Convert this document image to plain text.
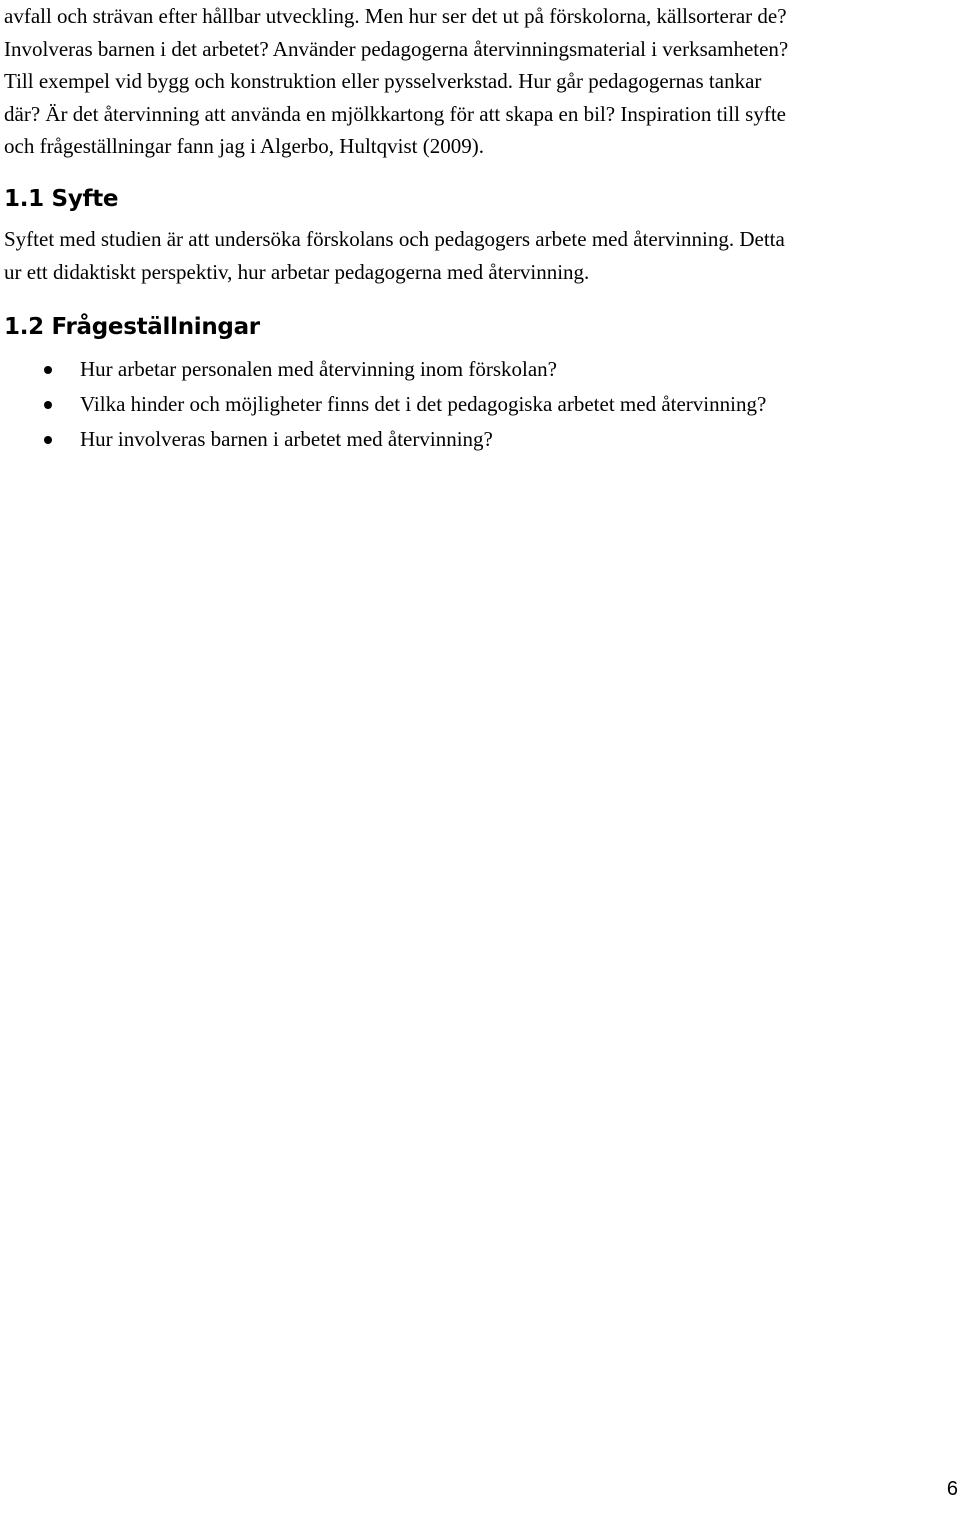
avfall och strävan efter hållbar utveckling. Men hur ser det ut på förskolorna, källsorterar de?
Involveras barnen i det arbetet? Använder pedagogerna återvinningsmaterial i verksamheten?
Till exempel vid bygg och konstruktion eller pysselverkstad. Hur går pedagogernas tankar
där? Är det återvinning att använda en mjölkkartong för att skapa en bil? Inspiration till syfte
och frågeställningar fann jag i Algerbo, Hultqvist (2009).

1.1 Syfte

Syftet med studien är att undersöka förskolans och pedagogers arbete med återvinning. Detta
ur ett didaktiskt perspektiv, hur arbetar pedagogerna med återvinning.

1.2 Frågeställningar
Hur arbetar personalen med återvinning inom förskolan?
Vilka hinder och möjligheter finns det i det pedagogiska arbetet med återvinning?
Hur involveras barnen i arbetet med återvinning?
6
